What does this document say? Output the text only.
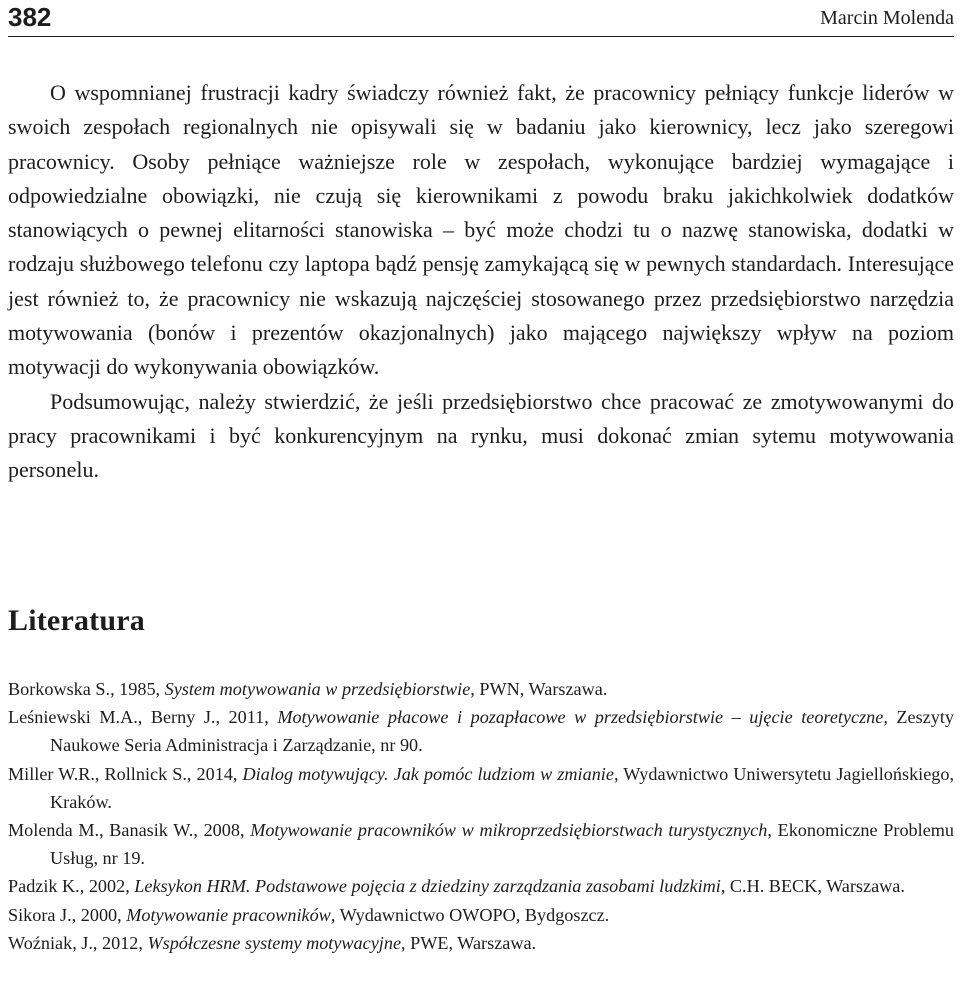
382	Marcin Molenda

O wspomnianej frustracji kadry świadczy również fakt, że pracownicy pełniący funkcje liderów w swoich zespołach regionalnych nie opisywali się w badaniu jako kierownicy, lecz jako szeregowi pracownicy. Osoby pełniące ważniejsze role w zespołach, wykonujące bardziej wymagające i odpowiedzialne obowiązki, nie czują się kierownikami z powodu braku jakichkolwiek dodatków stanowiących o pewnej elitarności stanowiska – być może chodzi tu o nazwę stanowiska, dodatki w rodzaju służbowego telefonu czy laptopa bądź pensję zamykającą się w pewnych standardach. Interesujące jest również to, że pracownicy nie wskazują najczęściej stosowanego przez przedsiębiorstwo narzędzia motywowania (bonów i prezentów okazjonalnych) jako mającego największy wpływ na poziom motywacji do wykonywania obowiązków.

Podsumowując, należy stwierdzić, że jeśli przedsiębiorstwo chce pracować ze zmotywowanymi do pracy pracownikami i być konkurencyjnym na rynku, musi dokonać zmian sytemu motywowania personelu.

Literatura

Borkowska S., 1985, System motywowania w przedsiębiorstwie, PWN, Warszawa.

Leśniewski M.A., Berny J., 2011, Motywowanie płacowe i pozapłacowe w przedsiębiorstwie – ujęcie teoretyczne, Zeszyty Naukowe Seria Administracja i Zarządzanie, nr 90.

Miller W.R., Rollnick S., 2014, Dialog motywujący. Jak pomóc ludziom w zmianie, Wydawnictwo Uniwersytetu Jagiellońskiego, Kraków.

Molenda M., Banasik W., 2008, Motywowanie pracowników w mikroprzedsiębiorstwach turystycznych, Ekonomiczne Problemu Usług, nr 19.

Padzik K., 2002, Leksykon HRM. Podstawowe pojęcia z dziedziny zarządzania zasobami ludzkimi, C.H. BECK, Warszawa.

Sikora J., 2000, Motywowanie pracowników, Wydawnictwo OWOPO, Bydgoszcz.

Woźniak, J., 2012, Współczesne systemy motywacyjne, PWE, Warszawa.
